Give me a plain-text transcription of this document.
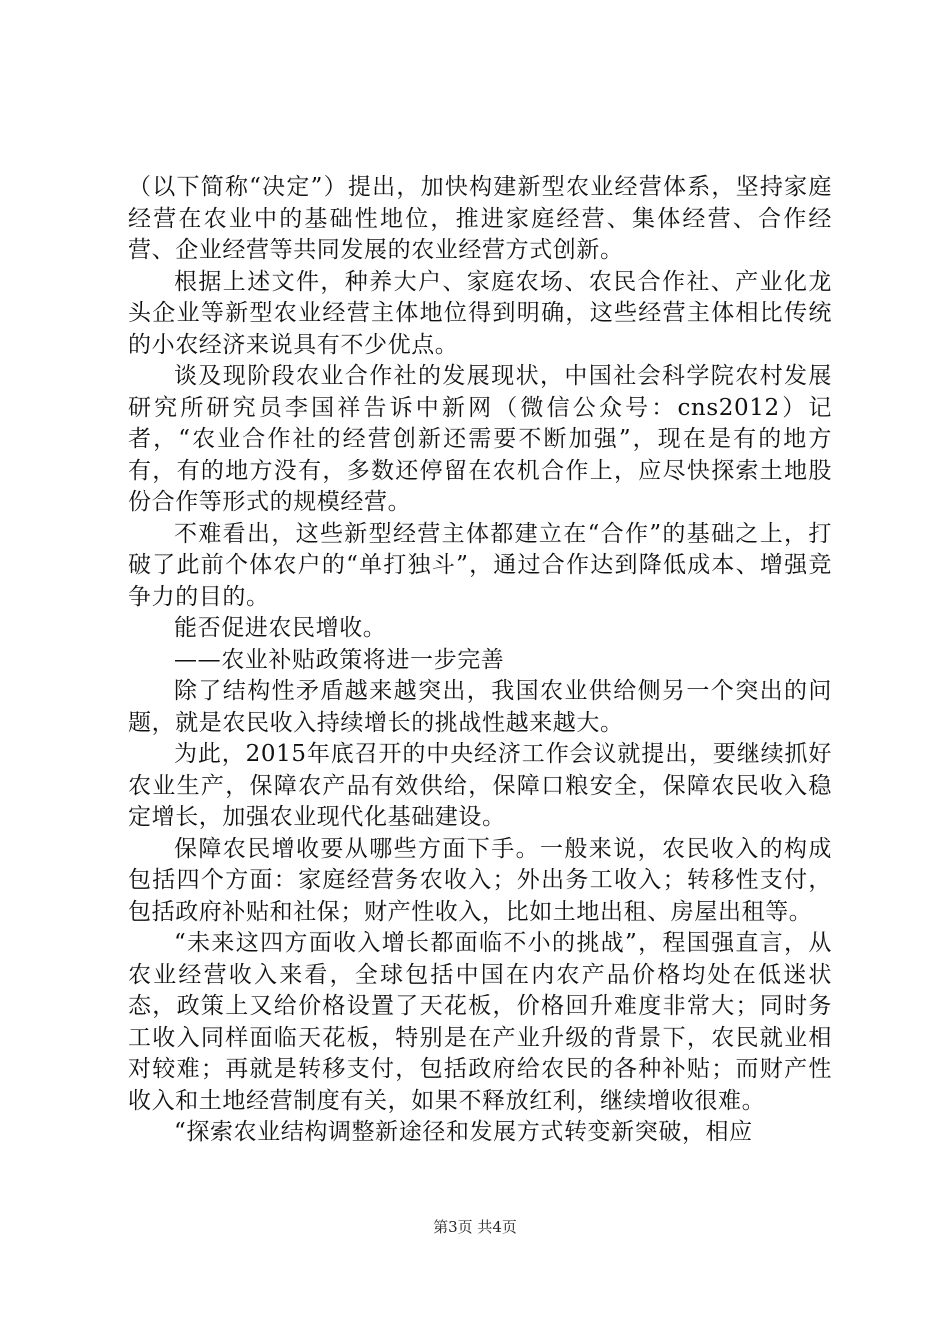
（以下简称“决定”）提出，加快构建新型农业经营体系，坚持家庭经营在农业中的基础性地位，推进家庭经营、集体经营、合作经营、企业经营等共同发展的农业经营方式创新。

根据上述文件，种养大户、家庭农场、农民合作社、产业化龙头企业等新型农业经营主体地位得到明确，这些经营主体相比传统的小农经济来说具有不少优点。

谈及现阶段农业合作社的发展现状，中国社会科学院农村发展研究所研究员李国祥告诉中新网（微信公众号：cns2012）记者，“农业合作社的经营创新还需要不断加强”，现在是有的地方有，有的地方没有，多数还停留在农机合作上，应尽快探索土地股份合作等形式的规模经营。

不难看出，这些新型经营主体都建立在“合作”的基础之上，打破了此前个体农户的“单打独斗”，通过合作达到降低成本、增强竞争力的目的。

能否促进农民增收。

——农业补贴政策将进一步完善

除了结构性矛盾越来越突出，我国农业供给侧另一个突出的问题，就是农民收入持续增长的挑战性越来越大。

为此，2015年底召开的中央经济工作会议就提出，要继续抓好农业生产，保障农产品有效供给，保障口粮安全，保障农民收入稳定增长，加强农业现代化基础建设。

保障农民增收要从哪些方面下手。一般来说，农民收入的构成包括四个方面：家庭经营务农收入；外出务工收入；转移性支付，包括政府补贴和社保；财产性收入，比如土地出租、房屋出租等。

“未来这四方面收入增长都面临不小的挑战”，程国强直言，从农业经营收入来看，全球包括中国在内农产品价格均处在低迷状态，政策上又给价格设置了天花板，价格回升难度非常大；同时务工收入同样面临天花板，特别是在产业升级的背景下，农民就业相对较难；再就是转移支付，包括政府给农民的各种补贴；而财产性收入和土地经营制度有关，如果不释放红利，继续增收很难。

“探索农业结构调整新途径和发展方式转变新突破，相应

第3页 共4页
